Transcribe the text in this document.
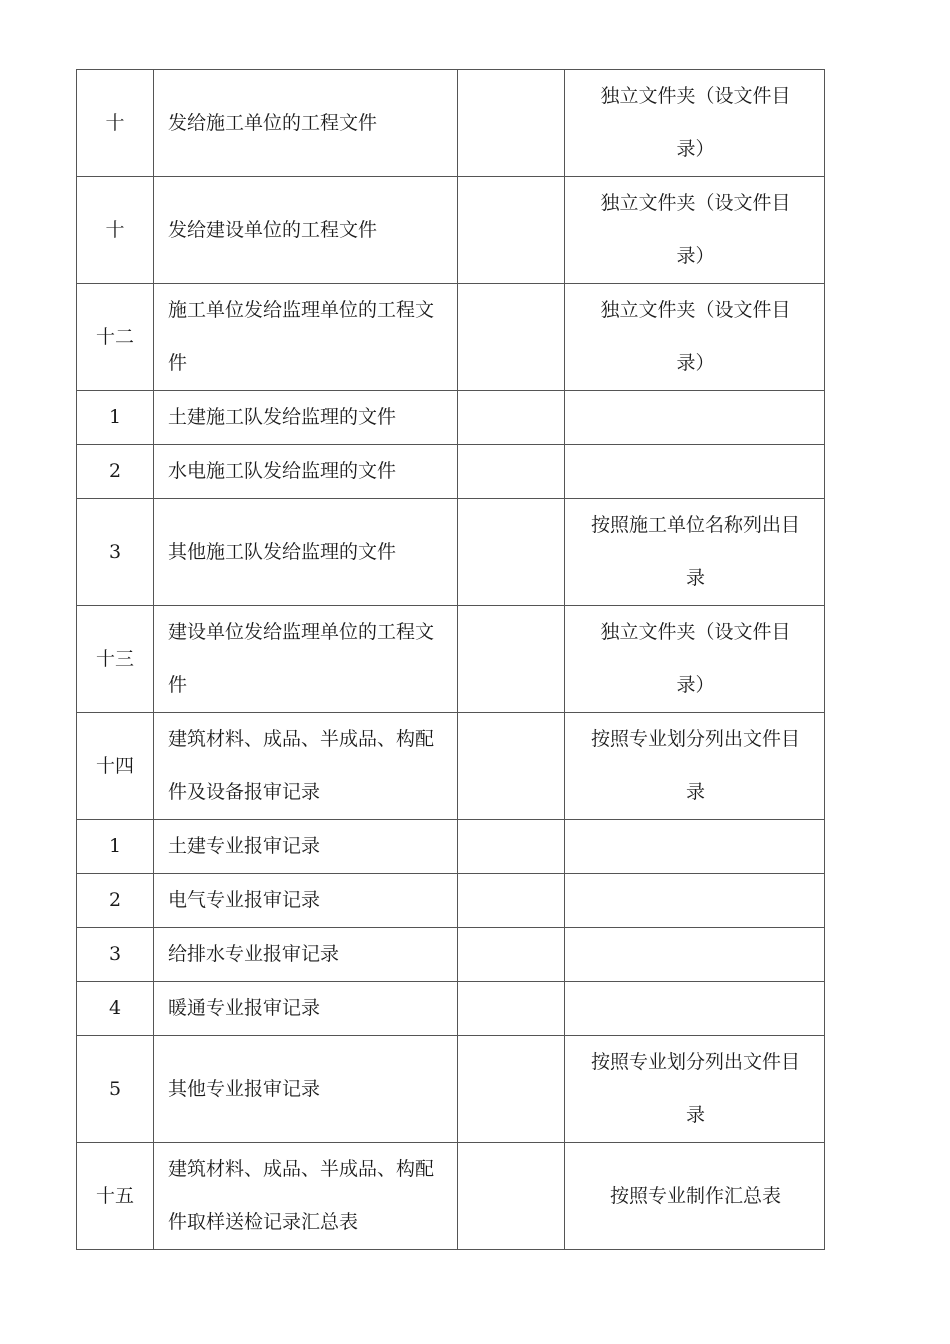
十	发给施工单位的工程文件		独立文件夹（设文件目录）
十	发给建设单位的工程文件		独立文件夹（设文件目录）
十二	施工单位发给监理单位的工程文件		独立文件夹（设文件目录）
1	土建施工队发给监理的文件		
2	水电施工队发给监理的文件		
3	其他施工队发给监理的文件		按照施工单位名称列出目录
十三	建设单位发给监理单位的工程文件		独立文件夹（设文件目录）
十四	建筑材料、成品、半成品、构配件及设备报审记录		按照专业划分列出文件目录
1	土建专业报审记录		
2	电气专业报审记录		
3	给排水专业报审记录		
4	暖通专业报审记录		
5	其他专业报审记录		按照专业划分列出文件目录
十五	建筑材料、成品、半成品、构配件取样送检记录汇总表		按照专业制作汇总表
